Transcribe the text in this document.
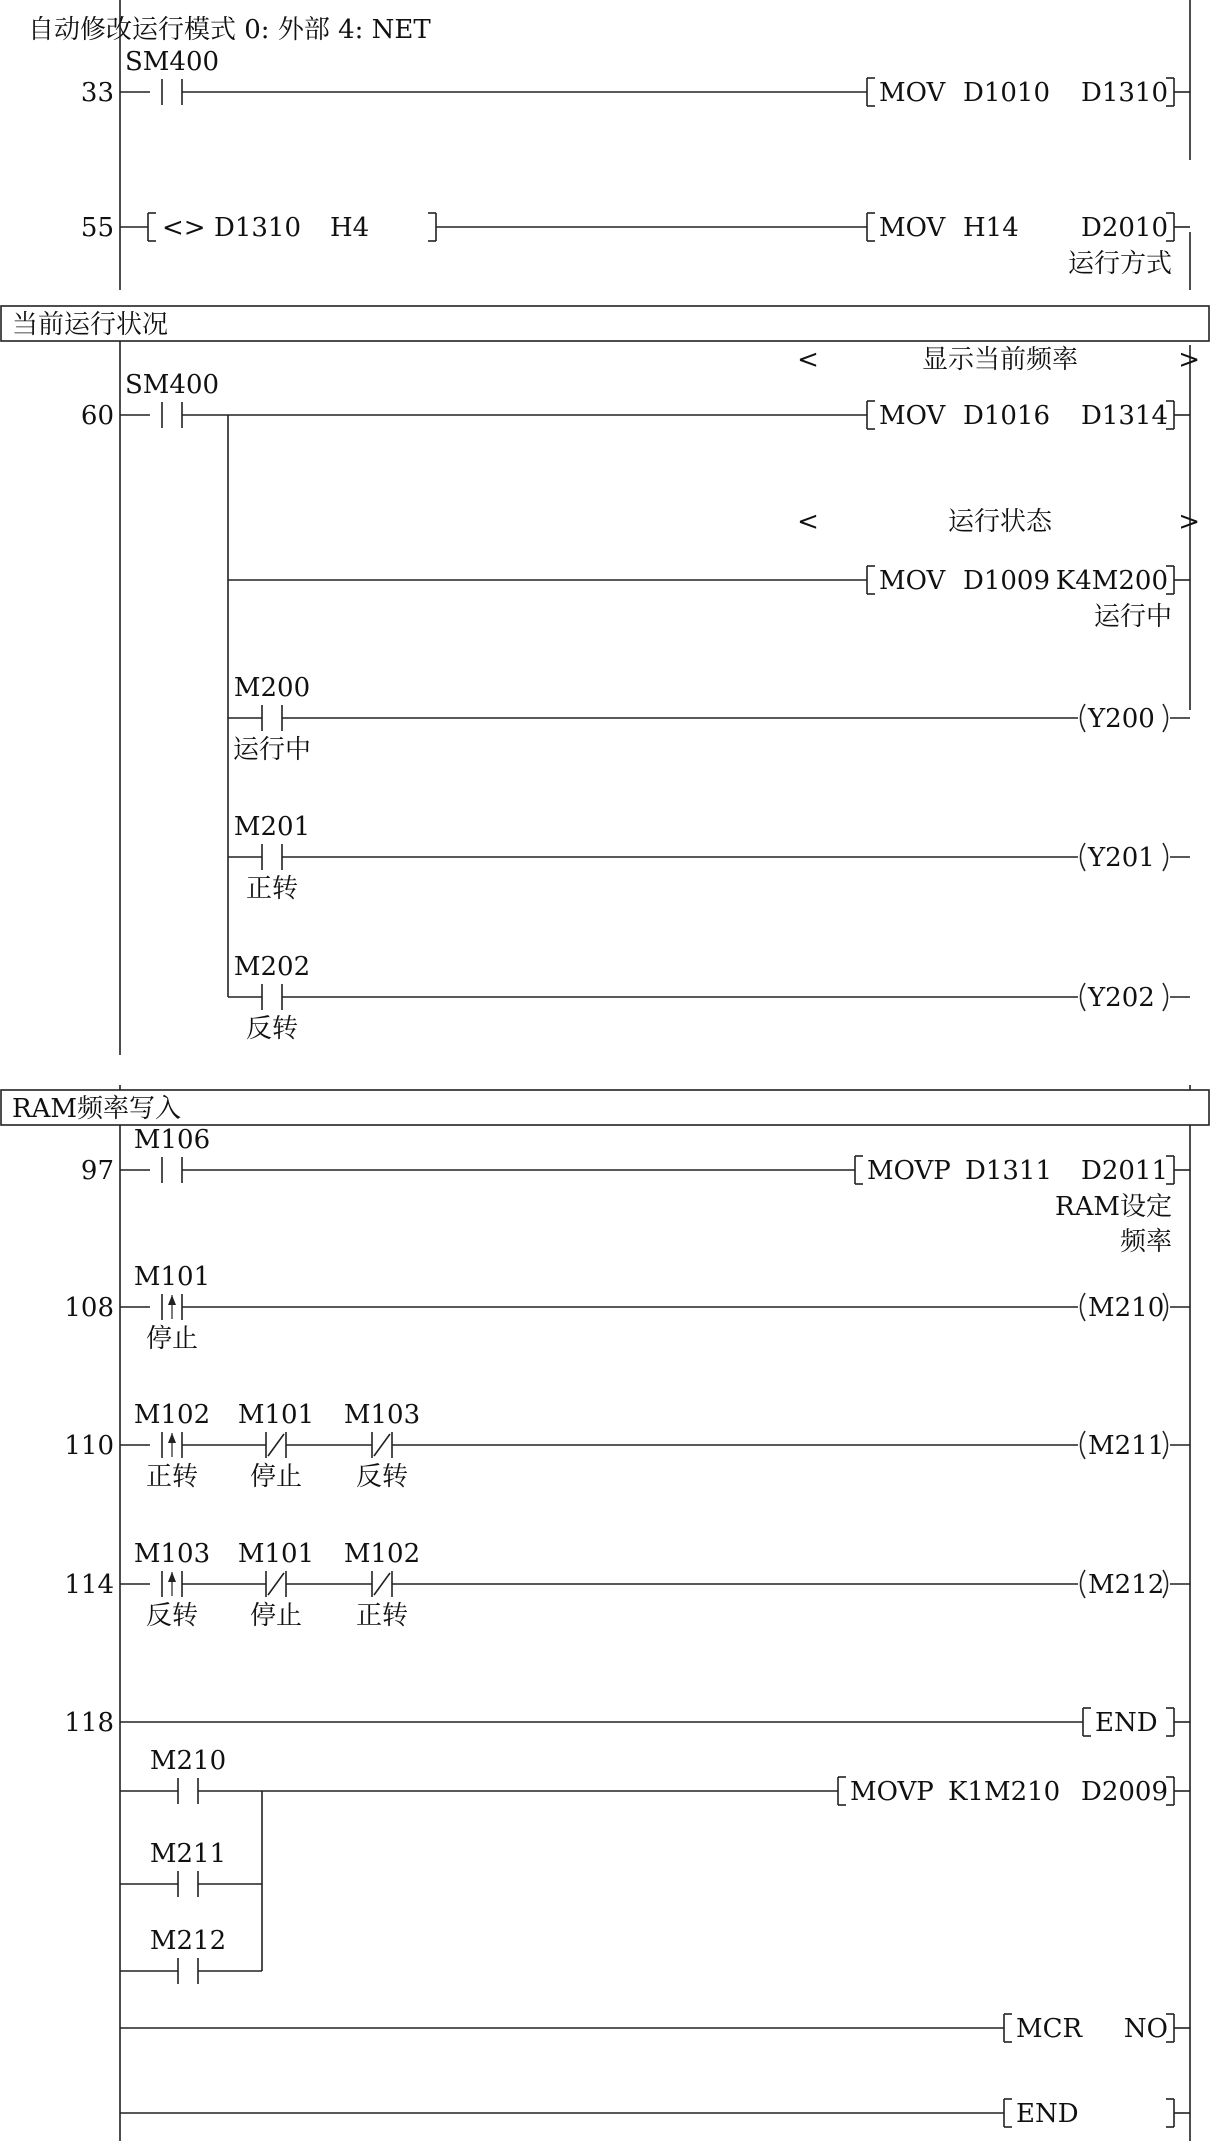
自动修改运行模式 0: 外部 4: NET
当前运行状况
RAM频率写入
33
55
60
97
108
110
114
118
SM400
MOV D1010 D1310
<> D1310 H4	MOV H14 D2010
运行方式
<	显示当前频率	>
SM400
MOV D1016 D1314
<	运行状态	>
MOV D1009 K4M200
运行中
M200
运行中
Y200
M201
正转
Y201
M202
反转
Y202
M106
MOVP D1311 D2011
RAM设定
频率
M101
停止
M210
M102
正转
M101
停止
M103
反转
M211
M103
反转
M101
停止
M102
正转
M212
END
M210
MOVP K1M210 D2009
M211
M212
MCR NO
END
